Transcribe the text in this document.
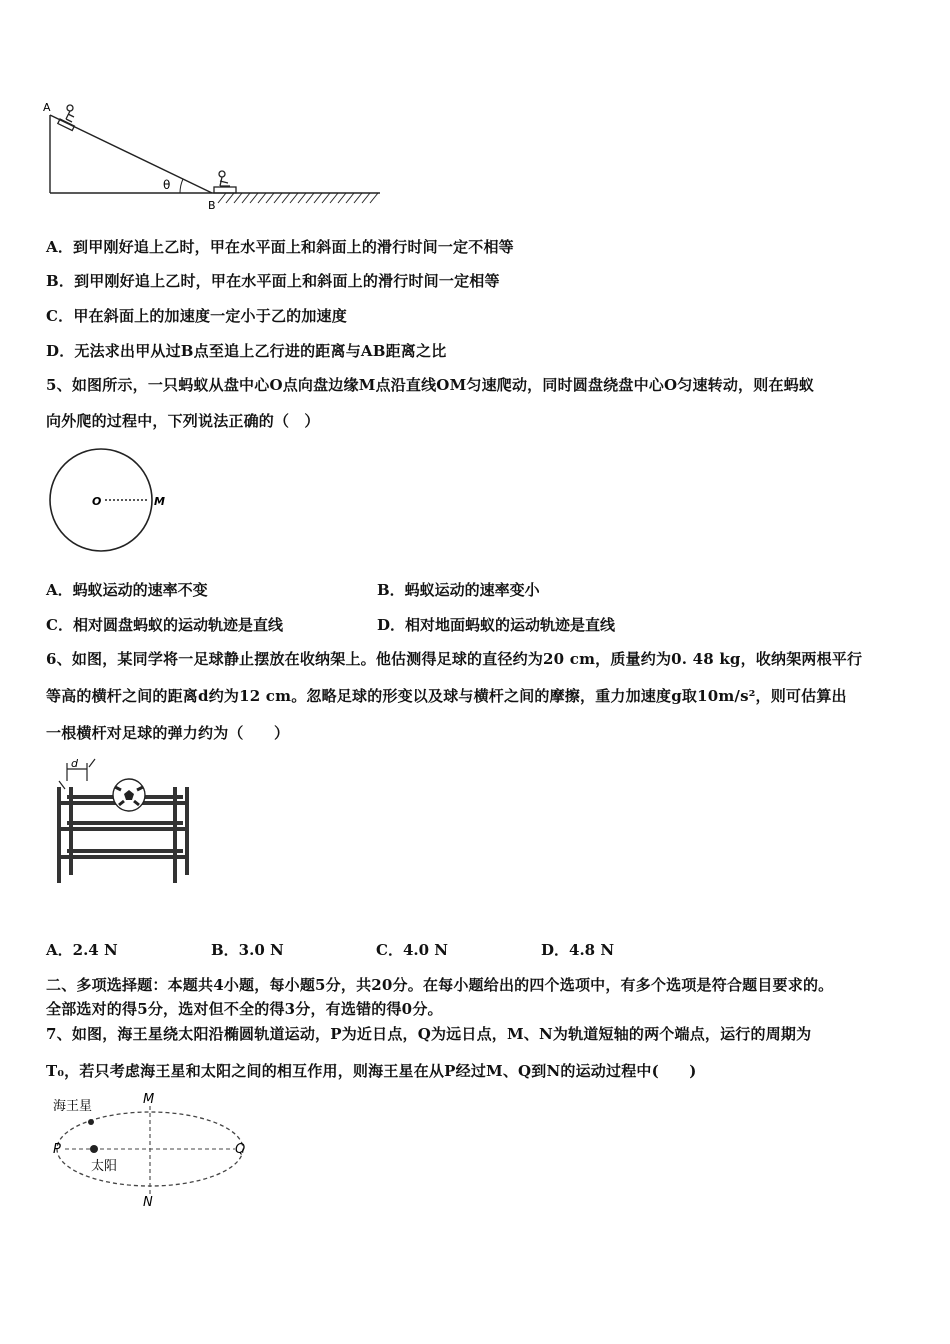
A
B
θ
A．到甲刚好追上乙时，甲在水平面上和斜面上的滑行时间一定不相等
B．到甲刚好追上乙时，甲在水平面上和斜面上的滑行时间一定相等
C．甲在斜面上的加速度一定小于乙的加速度
D．无法求出甲从过B点至追上乙行进的距离与AB距离之比
5、如图所示，一只蚂蚁从盘中心O点向盘边缘M点沿直线OM匀速爬动，同时圆盘绕盘中心O匀速转动，则在蚂蚁
向外爬的过程中，下列说法正确的（　）
O	M
A．蚂蚁运动的速率不变	B．蚂蚁运动的速率变小
C．相对圆盘蚂蚁的运动轨迹是直线	D．相对地面蚂蚁的运动轨迹是直线
6、如图，某同学将一足球静止摆放在收纳架上。他估测得足球的直径约为20 cm，质量约为0. 48 kg，收纳架两根平行
等高的横杆之间的距离d约为12 cm。忽略足球的形变以及球与横杆之间的摩擦，重力加速度g取10m/s²，则可估算出
一根横杆对足球的弹力约为（　　）
d
A．2.4 N	B．3.0 N	C．4.0 N	D．4.8 N
二、多项选择题：本题共4小题，每小题5分，共20分。在每小题给出的四个选项中，有多个选项是符合题目要求的。
全部选对的得5分，选对但不全的得3分，有选错的得0分。
7、如图，海王星绕太阳沿椭圆轨道运动，P为近日点，Q为远日点，M、N为轨道短轴的两个端点，运行的周期为
T₀，若只考虑海王星和太阳之间的相互作用，则海王星在从P经过M、Q到N的运动过程中(　　)
海王星
太阳
P	Q
M
N
